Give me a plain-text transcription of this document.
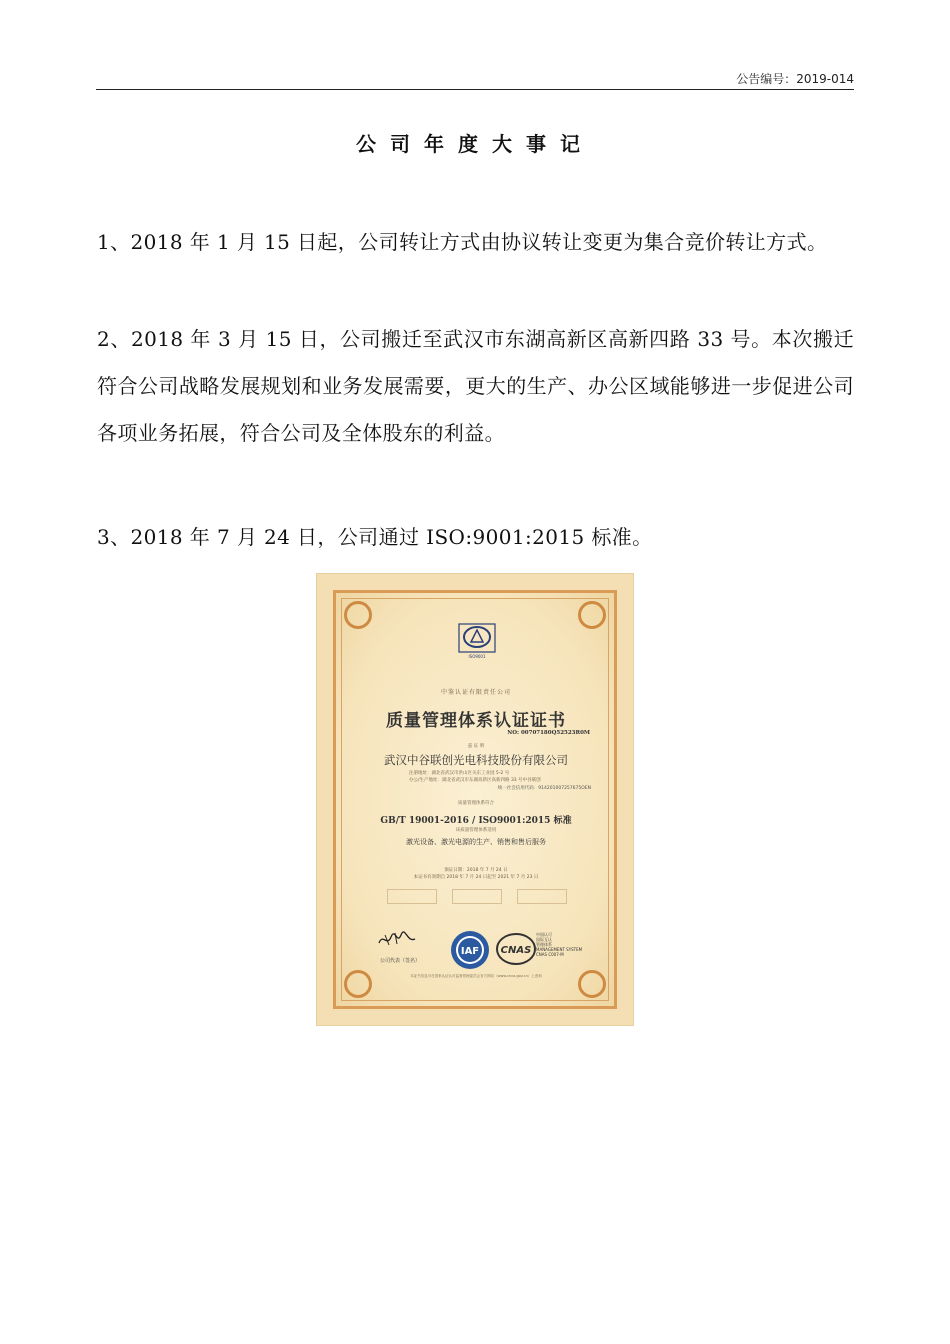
公告编号：2019-014
公司年度大事记
1、2018 年 1 月 15 日起，公司转让方式由协议转让变更为集合竞价转让方式。
2、2018 年 3 月 15 日，公司搬迁至武汉市东湖高新区高新四路 33 号。本次搬迁符合公司战略发展规划和业务发展需要，更大的生产、办公区域能够进一步促进公司各项业务拓展，符合公司及全体股东的利益。
3、2018 年 7 月 24 日，公司通过 ISO:9001:2015 标准。
ISO9001
中鉴认证有限责任公司
质量管理体系认证证书
NO: 00707180Q52523R0M
兹 证 明
武汉中谷联创光电科技股份有限公司
注册地址：湖北省武汉市洪山区关东工业园 5-2 号
办公/生产地址：湖北省武汉市东湖高新区高新四路 33 号中谷联创
统一社会信用代码：914201007257675OEN
质量管理体系符合
GB/T 19001-2016 / ISO9001:2015 标准
该质量管理体系适用
激光设备、激光电源的生产、销售和售后服务
颁证日期：2018 年 7 月 24 日
本证书有效期自 2018 年 7 月 24 日起至 2021 年 7 月 23 日
公司代表（签名）
IAF CNAS
中国认可
国际互认
管理体系
MANAGEMENT SYSTEM
CNAS C007-M
本证书信息可在国家认证认可监督管理委员会官方网站（www.cnca.gov.cn）上查询
